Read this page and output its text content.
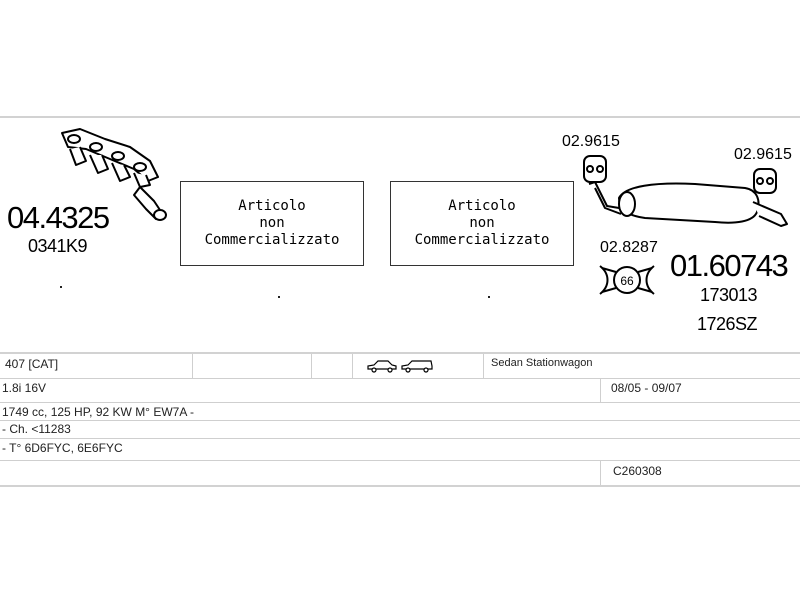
04.4325
0341K9
Articolo
non
Commercializzato
Articolo
non
Commercializzato
02.9615
02.9615
02.8287
66 01.60743
173013
1726SZ
407 [CAT]	Sedan Stationwagon
1.8i 16V	08/05 - 09/07
1749 cc, 125 HP, 92 KW M° EW7A -
- Ch. <11283
- T° 6D6FYC, 6E6FYC
C260308
